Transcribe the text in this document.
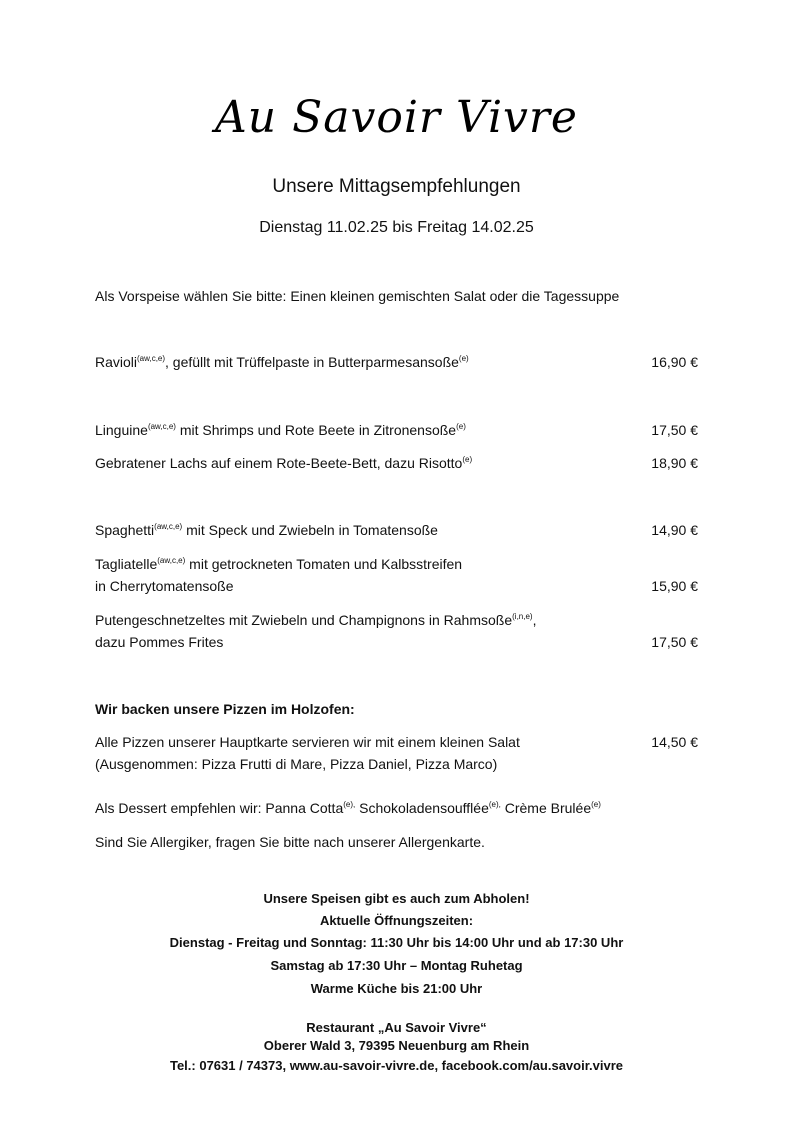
Au Savoir Vivre
Unsere Mittagsempfehlungen
Dienstag 11.02.25 bis Freitag 14.02.25
Als Vorspeise wählen Sie bitte: Einen kleinen gemischten Salat oder die Tagessuppe
Ravioli$^{(aw,c,e)}$, gefüllt mit Trüffelpaste in Butterparmesansoße$^{(e)}$	16,90 €
Linguine$^{(aw,c,e)}$ mit Shrimps und Rote Beete in Zitronensoße$^{(e)}$	17,50 €
Gebratener Lachs auf einem Rote-Beete-Bett, dazu Risotto$^{(e)}$	18,90 €
Spaghetti$^{(aw,c,e)}$ mit Speck und Zwiebeln in Tomatensoße	14,90 €
Tagliatelle$^{(aw,c,e)}$ mit getrockneten Tomaten und Kalbsstreifen
in Cherrytomatensoße	15,90 €
Putengeschnetzeltes mit Zwiebeln und Champignons in Rahmsoße$^{(i,n,e)}$,
dazu Pommes Frites	17,50 €
Wir backen unsere Pizzen im Holzofen:
Alle Pizzen unserer Hauptkarte servieren wir mit einem kleinen Salat	14,50 €
(Ausgenommen: Pizza Frutti di Mare, Pizza Daniel, Pizza Marco)
Als Dessert empfehlen wir: Panna Cotta$^{(e),}$ Schokoladensoufflée$^{(e),}$ Crème Brulée$^{(e)}$
Sind Sie Allergiker, fragen Sie bitte nach unserer Allergenkarte.
Unsere Speisen gibt es auch zum Abholen!
Aktuelle Öffnungszeiten:
Dienstag - Freitag und Sonntag: 11:30 Uhr bis 14:00 Uhr und ab 17:30 Uhr
Samstag ab 17:30 Uhr – Montag Ruhetag
Warme Küche bis 21:00 Uhr
Restaurant „Au Savoir Vivre“
Oberer Wald 3, 79395 Neuenburg am Rhein
Tel.: 07631 / 74373, www.au-savoir-vivre.de, facebook.com/au.savoir.vivre
